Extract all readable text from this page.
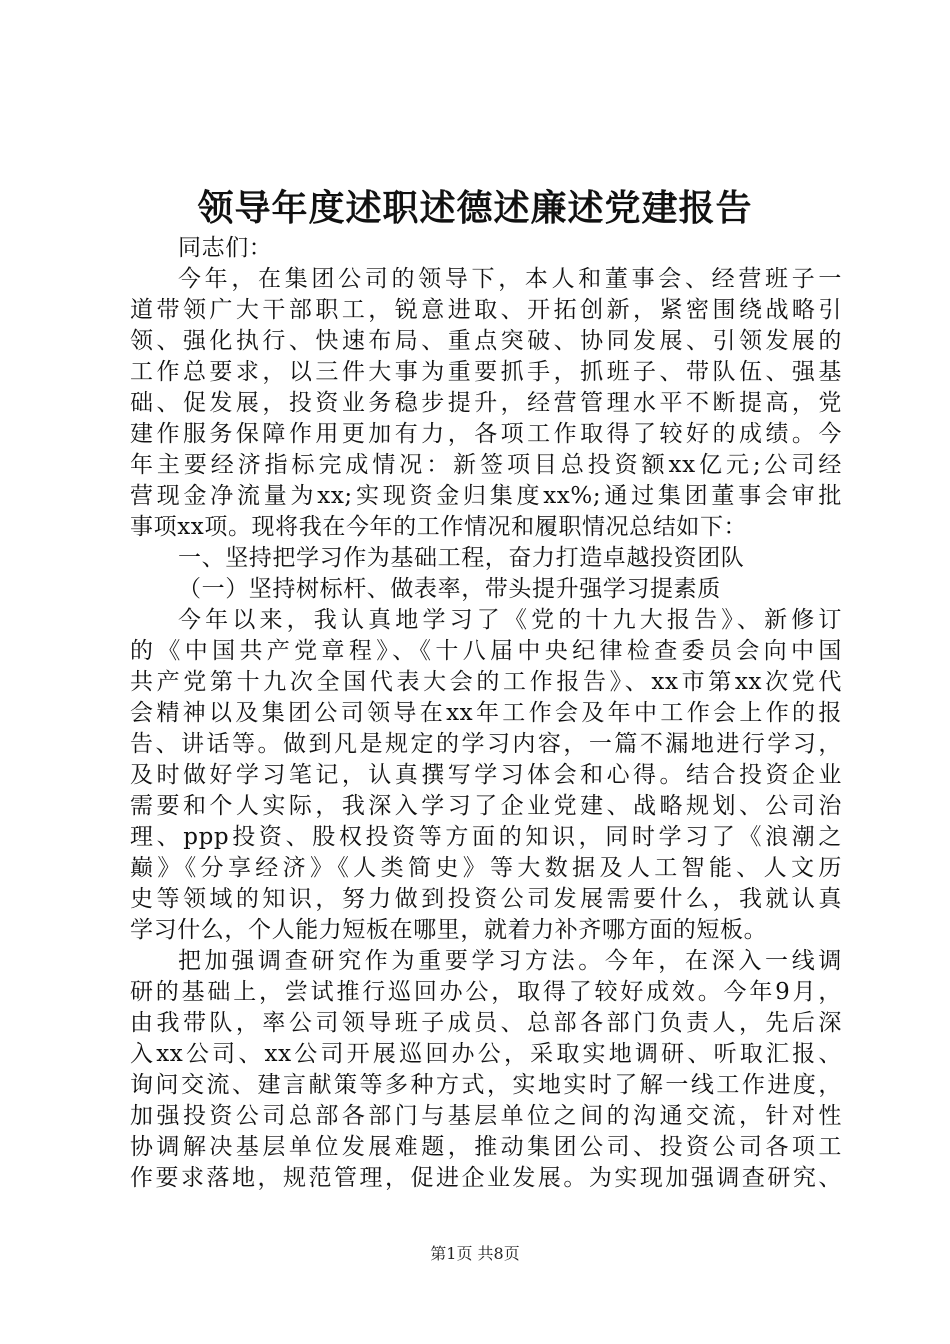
领导年度述职述德述廉述党建报告
同志们：
今年，在集团公司的领导下，本人和董事会、经营班子一
道带领广大干部职工，锐意进取、开拓创新，紧密围绕战略引
领、强化执行、快速布局、重点突破、协同发展、引领发展的
工作总要求，以三件大事为重要抓手，抓班子、带队伍、强基
础、促发展，投资业务稳步提升，经营管理水平不断提高，党
建作服务保障作用更加有力，各项工作取得了较好的成绩。今
年主要经济指标完成情况：新签项目总投资额xx亿元;公司经
营现金净流量为xx;实现资金归集度xx%;通过集团董事会审批
事项xx项。现将我在今年的工作情况和履职情况总结如下：
一、坚持把学习作为基础工程，奋力打造卓越投资团队
（一）坚持树标杆、做表率，带头提升强学习提素质
今年以来，我认真地学习了《党的十九大报告》、新修订
的《中国共产党章程》、《十八届中央纪律检查委员会向中国
共产党第十九次全国代表大会的工作报告》、xx市第xx次党代
会精神以及集团公司领导在xx年工作会及年中工作会上作的报
告、讲话等。做到凡是规定的学习内容，一篇不漏地进行学习，
及时做好学习笔记，认真撰写学习体会和心得。结合投资企业
需要和个人实际，我深入学习了企业党建、战略规划、公司治
理、ppp投资、股权投资等方面的知识，同时学习了《浪潮之
巅》《分享经济》《人类简史》等大数据及人工智能、人文历
史等领域的知识，努力做到投资公司发展需要什么，我就认真
学习什么，个人能力短板在哪里，就着力补齐哪方面的短板。
把加强调查研究作为重要学习方法。今年，在深入一线调
研的基础上，尝试推行巡回办公，取得了较好成效。今年9月，
由我带队，率公司领导班子成员、总部各部门负责人，先后深
入xx公司、xx公司开展巡回办公，采取实地调研、听取汇报、
询问交流、建言献策等多种方式，实地实时了解一线工作进度，
加强投资公司总部各部门与基层单位之间的沟通交流，针对性
协调解决基层单位发展难题，推动集团公司、投资公司各项工
作要求落地，规范管理，促进企业发展。为实现加强调查研究、
第1页 共8页
